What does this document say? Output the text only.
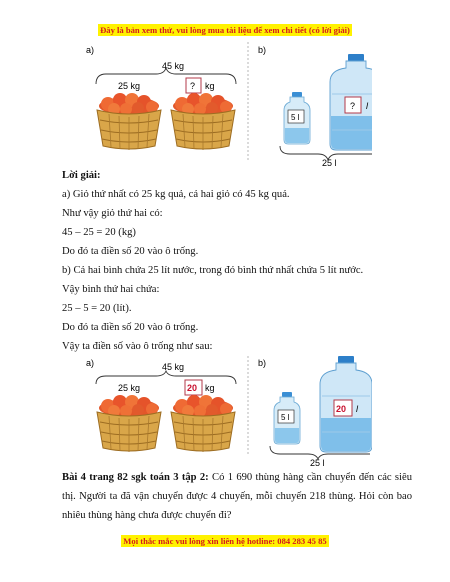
Đây là bản xem thử, vui lòng mua tài liệu để xem chi tiết (có lời giải)
a)
45 kg
25 kg	? kg
b)
5 l
? l
25 l
Lời giải:
a) Giỏ thứ nhất có 25 kg quả, cả hai giỏ có 45 kg quả.
Như vậy giỏ thứ hai có:
45 – 25 = 20 (kg)
Do đó ta điền số 20 vào ô trống.
b) Cả hai bình chứa 25 lít nước, trong đó bình thứ nhất chứa 5 lít nước.
Vậy bình thứ hai chứa:
25 – 5 = 20 (lít).
Do đó ta điền số 20 vào ô trống.
Vậy ta điền số vào ô trống như sau:
a)	45 kg
25 kg	20 kg
b)
5 l
20 l
25 l
Bài 4 trang 82 sgk toán 3 tập 2: Có 1 690 thùng hàng cần chuyển đến các siêu thị. Người ta đã vận chuyển được 4 chuyến, mỗi chuyến 218 thùng. Hỏi còn bao nhiêu thùng hàng chưa được chuyển đi?
Mọi thắc mắc vui lòng xin liên hệ hotline: 084 283 45 85
